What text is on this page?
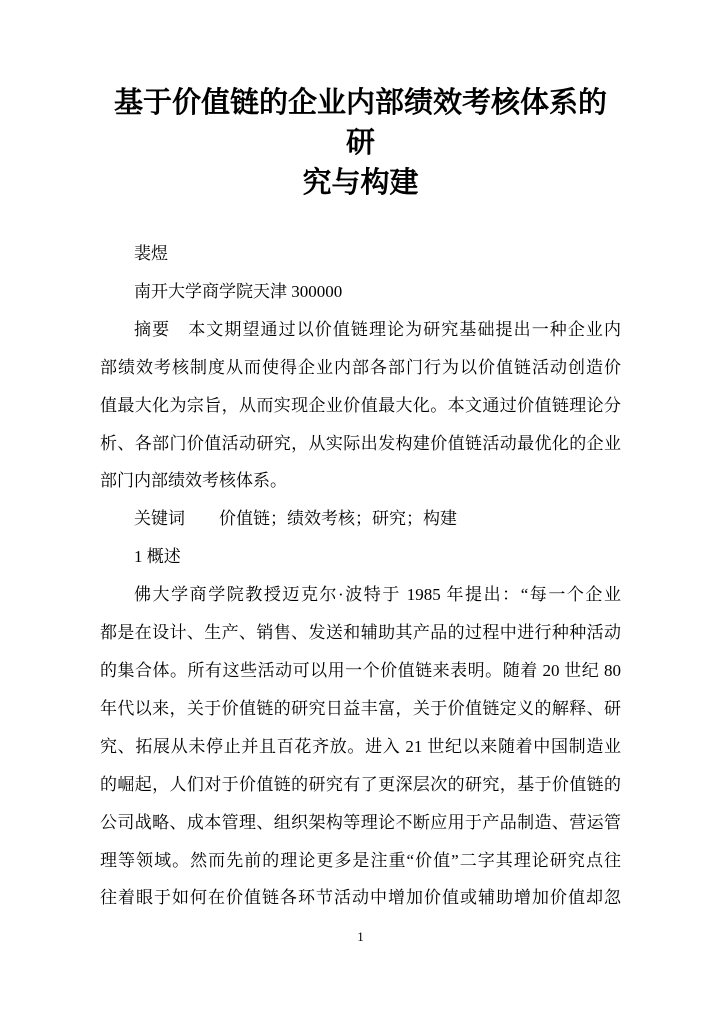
基于价值链的企业内部绩效考核体系的研
究与构建
裴煜
南开大学商学院天津 300000
摘要　本文期望通过以价值链理论为研究基础提出一种企业内
部绩效考核制度从而使得企业内部各部门行为以价值链活动创造价
值最大化为宗旨，从而实现企业价值最大化。本文通过价值链理论分
析、各部门价值活动研究，从实际出发构建价值链活动最优化的企业
部门内部绩效考核体系。
关键词　　价值链；绩效考核；研究；构建
1 概述
佛大学商学院教授迈克尔·波特于 1985 年提出：“每一个企业
都是在设计、生产、销售、发送和辅助其产品的过程中进行种种活动
的集合体。所有这些活动可以用一个价值链来表明。随着 20 世纪 80
年代以来，关于价值链的研究日益丰富，关于价值链定义的解释、研
究、拓展从未停止并且百花齐放。进入 21 世纪以来随着中国制造业
的崛起，人们对于价值链的研究有了更深层次的研究，基于价值链的
公司战略、成本管理、组织架构等理论不断应用于产品制造、营运管
理等领域。然而先前的理论更多是注重“价值”二字其理论研究点往
往着眼于如何在价值链各环节活动中增加价值或辅助增加价值却忽
1
